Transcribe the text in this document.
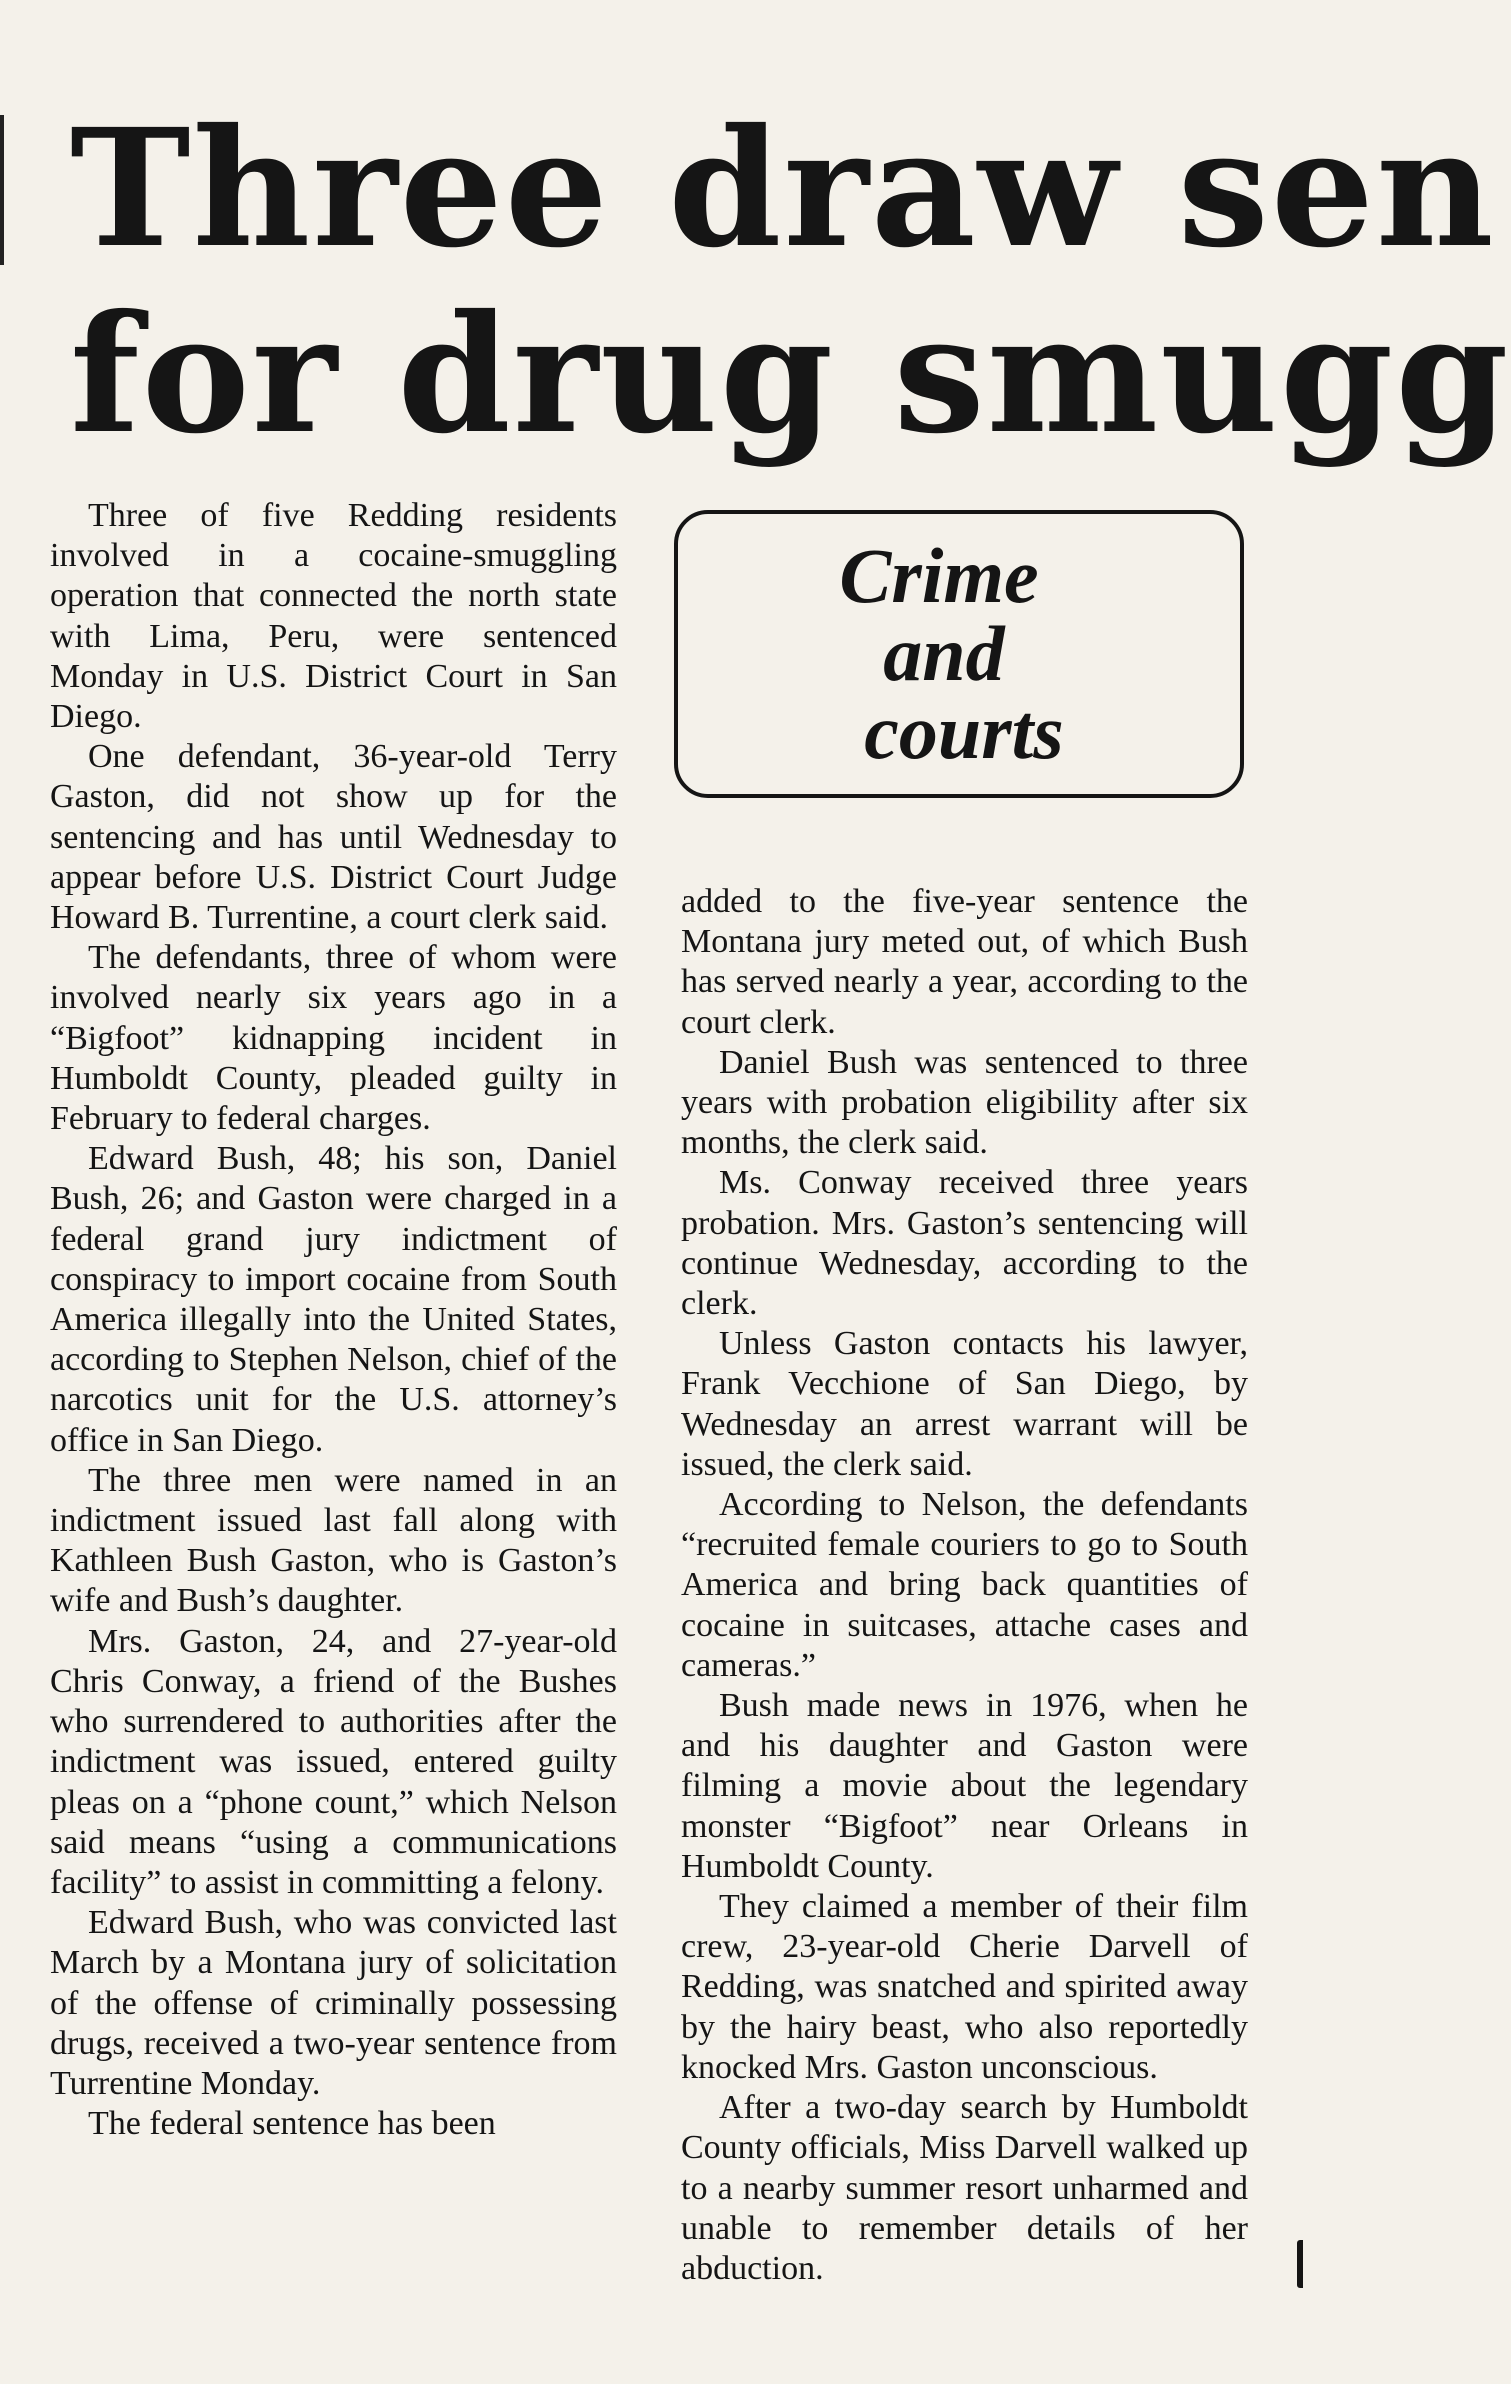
Three draw sen
for drug smugg

Three of five Redding residents involved in a cocaine-smuggling operation that connected the north state with Lima, Peru, were sentenced Monday in U.S. District Court in San Diego.

One defendant, 36-year-old Terry Gaston, did not show up for the sentencing and has until Wednesday to appear before U.S. District Court Judge Howard B. Turrentine, a court clerk said.

The defendants, three of whom were involved nearly six years ago in a “Bigfoot” kidnapping incident in Humboldt County, pleaded guilty in February to federal charges.

Edward Bush, 48; his son, Daniel Bush, 26; and Gaston were charged in a federal grand jury indictment of conspiracy to import cocaine from South America illegally into the United States, according to Stephen Nelson, chief of the narcotics unit for the U.S. attorney’s office in San Diego.

The three men were named in an indictment issued last fall along with Kathleen Bush Gaston, who is Gaston’s wife and Bush’s daughter.

Mrs. Gaston, 24, and 27-year-old Chris Conway, a friend of the Bushes who surrendered to authorities after the indictment was issued, entered guilty pleas on a “phone count,” which Nelson said means “using a communications facility” to assist in committing a felony.

Edward Bush, who was convicted last March by a Montana jury of solicitation of the offense of criminally possessing drugs, received a two-year sentence from Turrentine Monday.

The federal sentence has been

Crime
and
courts

added to the five-year sentence the Montana jury meted out, of which Bush has served nearly a year, according to the court clerk.

Daniel Bush was sentenced to three years with probation eligibility after six months, the clerk said.

Ms. Conway received three years probation. Mrs. Gaston’s sentencing will continue Wednesday, according to the clerk.

Unless Gaston contacts his lawyer, Frank Vecchione of San Diego, by Wednesday an arrest warrant will be issued, the clerk said.

According to Nelson, the defendants “recruited female couriers to go to South America and bring back quantities of cocaine in suitcases, attache cases and cameras.”

Bush made news in 1976, when he and his daughter and Gaston were filming a movie about the legendary monster “Bigfoot” near Orleans in Humboldt County.

They claimed a member of their film crew, 23-year-old Cherie Darvell of Redding, was snatched and spirited away by the hairy beast, who also reportedly knocked Mrs. Gaston unconscious.

After a two-day search by Humboldt County officials, Miss Darvell walked up to a nearby summer resort unharmed and unable to remember details of her abduction.
